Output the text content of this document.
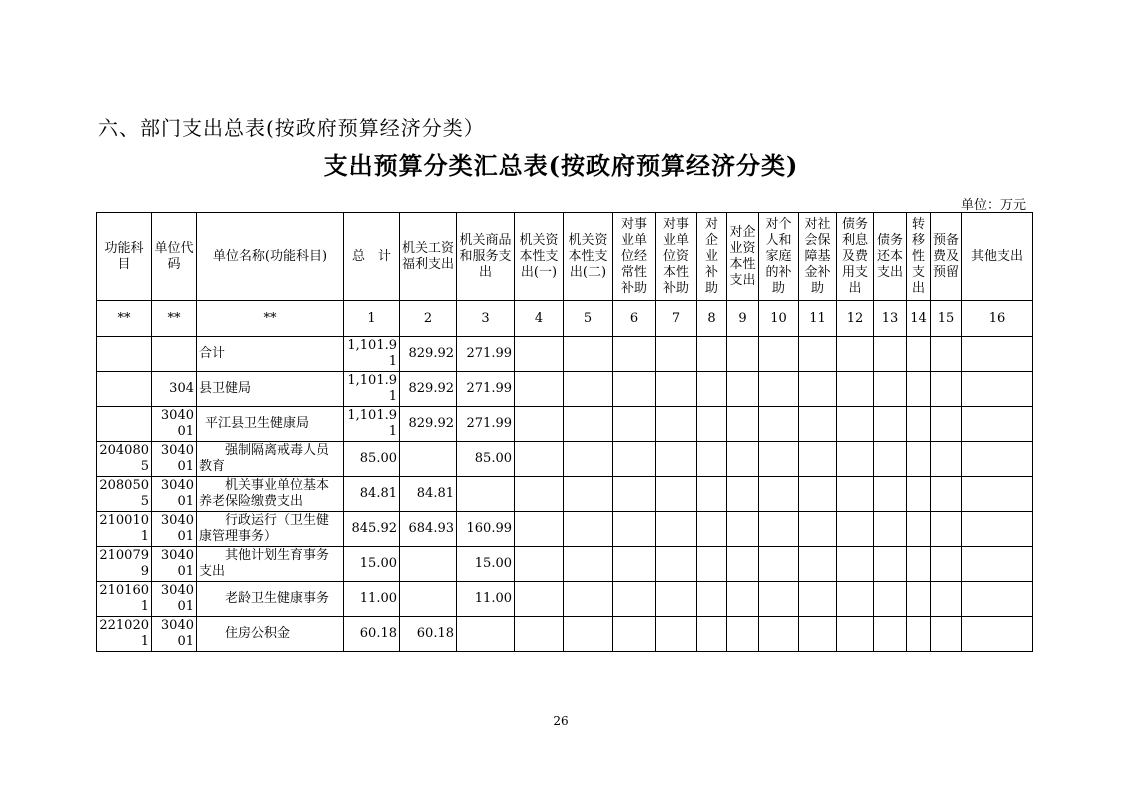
六、部门支出总表(按政府预算经济分类）
支出预算分类汇总表(按政府预算经济分类)
单位：万元
功能科目	单位代码	单位名称(功能科目)	总　计	机关工资福利支出	机关商品和服务支出	机关资本性支出(一)	机关资本性支出(二)	对事业单位经常性补助	对事业单位资本性补助	对企业补助	对企业资本性支出	对个人和家庭的补助	对社会保障基金补助	债务利息及费用支出	债务还本支出	转移性支出	预备费及预留	其他支出
**	**	**	1	2	3	4	5	6	7	8	9	10	11	12	13	14	15	16
		合计	1,101.91	829.92	271.99													
	304	县卫健局	1,101.91	829.92	271.99													
	304001	平江县卫生健康局	1,101.91	829.92	271.99													
2040805	304001	强制隔离戒毒人员教育	85.00		85.00													
2080505	304001	机关事业单位基本养老保险缴费支出	84.81	84.81														
2100101	304001	行政运行（卫生健康管理事务）	845.92	684.93	160.99													
2100799	304001	其他计划生育事务支出	15.00		15.00													
2101601	304001	老龄卫生健康事务	11.00		11.00													
2210201	304001	住房公积金	60.18	60.18														
26
